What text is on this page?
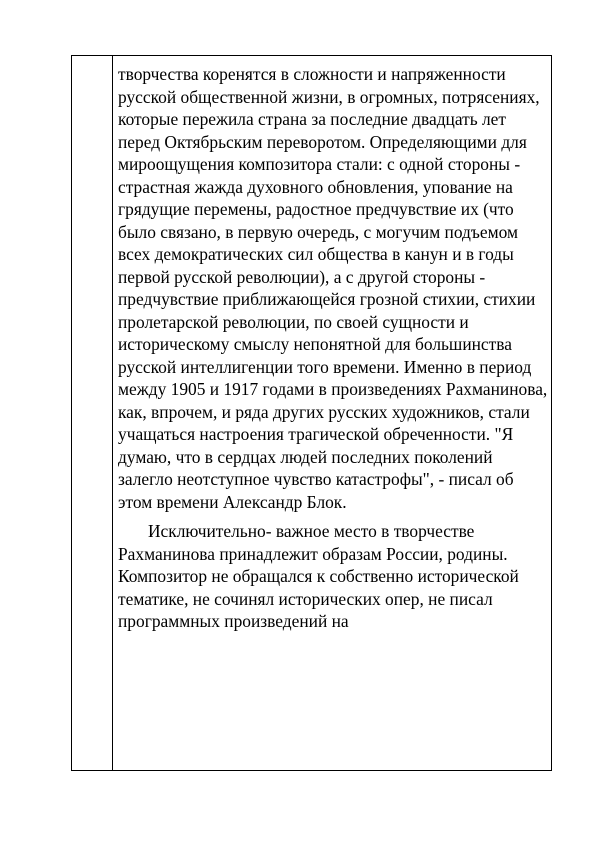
творчества коренятся в сложности и напряженности русской общественной жизни, в огромных, потрясениях, которые пережила страна за последние двадцать лет перед Октябрьским переворотом. Определяющими для мироощущения композитора стали: с одной стороны - страстная жажда духовного обновления, упование на грядущие перемены, радостное предчувствие их (что было связано, в первую очередь, с могучим подъемом всех демократических сил общества в канун и в годы первой русской революции), а с другой стороны - предчувствие приближающейся грозной стихии, стихии пролетарской революции, по своей сущности и историческому смыслу непонятной для большинства русской интеллигенции того времени. Именно в период между 1905 и 1917 годами в произведениях Рахманинова, как, впрочем, и ряда других русских художников, стали учащаться настроения трагической обреченности. "Я думаю, что в сердцах людей последних поколений залегло неотступное чувство катастрофы", - писал об этом времени Александр Блок.

Исключительно- важное место в творчестве Рахманинова принадлежит образам России, родины. Композитор не обращался к собственно исторической тематике, не сочинял исторических опер, не писал программных произведений на
